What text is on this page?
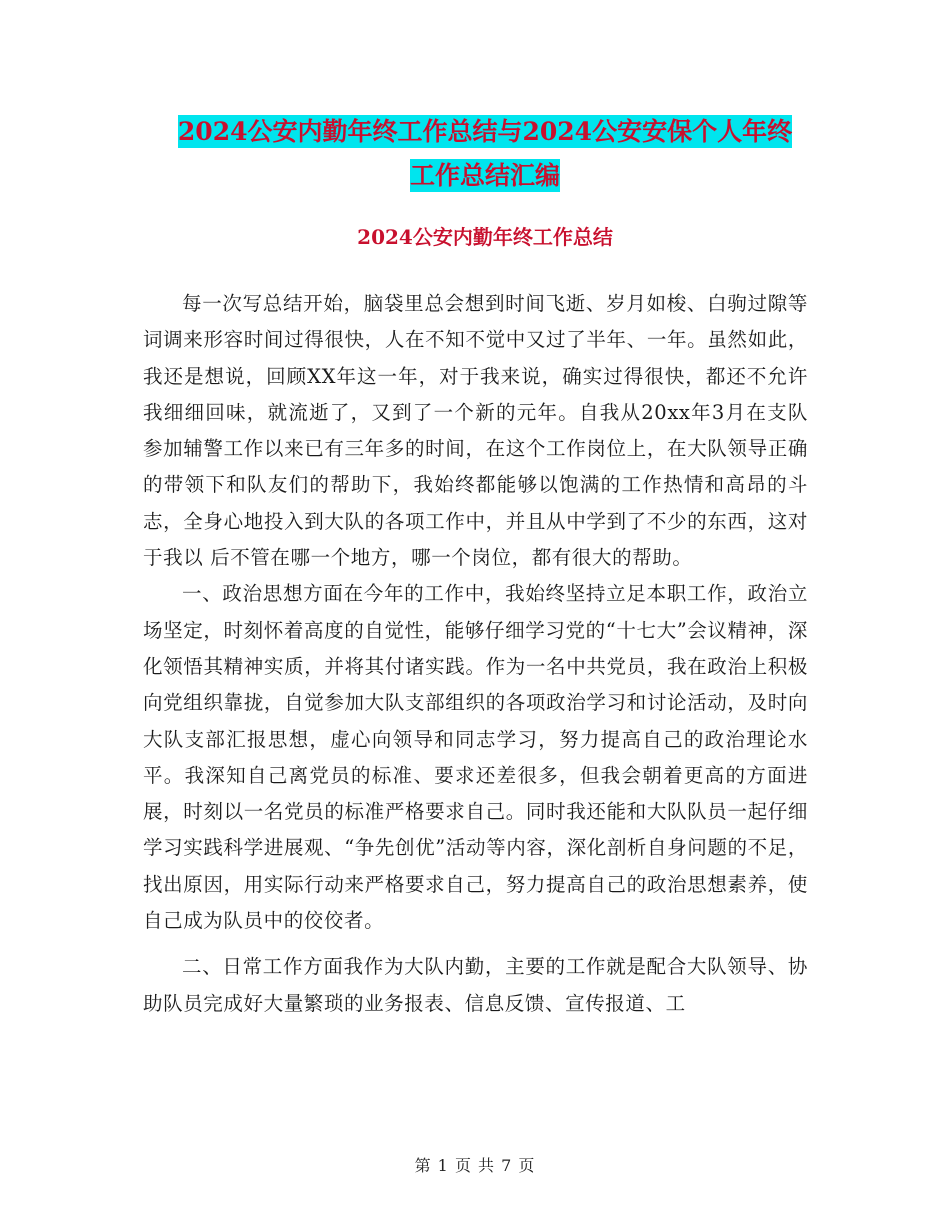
2024公安内勤年终工作总结与2024公安安保个人年终
工作总结汇编
2024公安内勤年终工作总结

每一次写总结开始，脑袋里总会想到时间飞逝、岁月如梭、白驹过隙等词调来形容时间过得很快，人在不知不觉中又过了半年、一年。虽然如此，我还是想说，回顾XX年这一年，对于我来说，确实过得很快，都还不允许我细细回味，就流逝了，又到了一个新的元年。自我从20xx年3月在支队参加辅警工作以来已有三年多的时间，在这个工作岗位上，在大队领导正确的带领下和队友们的帮助下，我始终都能够以饱满的工作热情和高昂的斗志，全身心地投入到大队的各项工作中，并且从中学到了不少的东西，这对于我以 后不管在哪一个地方，哪一个岗位，都有很大的帮助。

一、政治思想方面在今年的工作中，我始终坚持立足本职工作，政治立场坚定，时刻怀着高度的自觉性，能够仔细学习党的“十七大”会议精神，深化领悟其精神实质，并将其付诸实践。作为一名中共党员，我在政治上积极向党组织靠拢，自觉参加大队支部组织的各项政治学习和讨论活动，及时向大队支部汇报思想，虚心向领导和同志学习，努力提高自己的政治理论水平。我深知自己离党员的标准、要求还差很多，但我会朝着更高的方面进展，时刻以一名党员的标准严格要求自己。同时我还能和大队队员一起仔细学习实践科学进展观、“争先创优”活动等内容，深化剖析自身问题的不足，找出原因，用实际行动来严格要求自己，努力提高自己的政治思想素养，使自己成为队员中的佼佼者。

二、日常工作方面我作为大队内勤，主要的工作就是配合大队领导、协助队员完成好大量繁琐的业务报表、信息反馈、宣传报道、工

第 1 页 共 7 页
